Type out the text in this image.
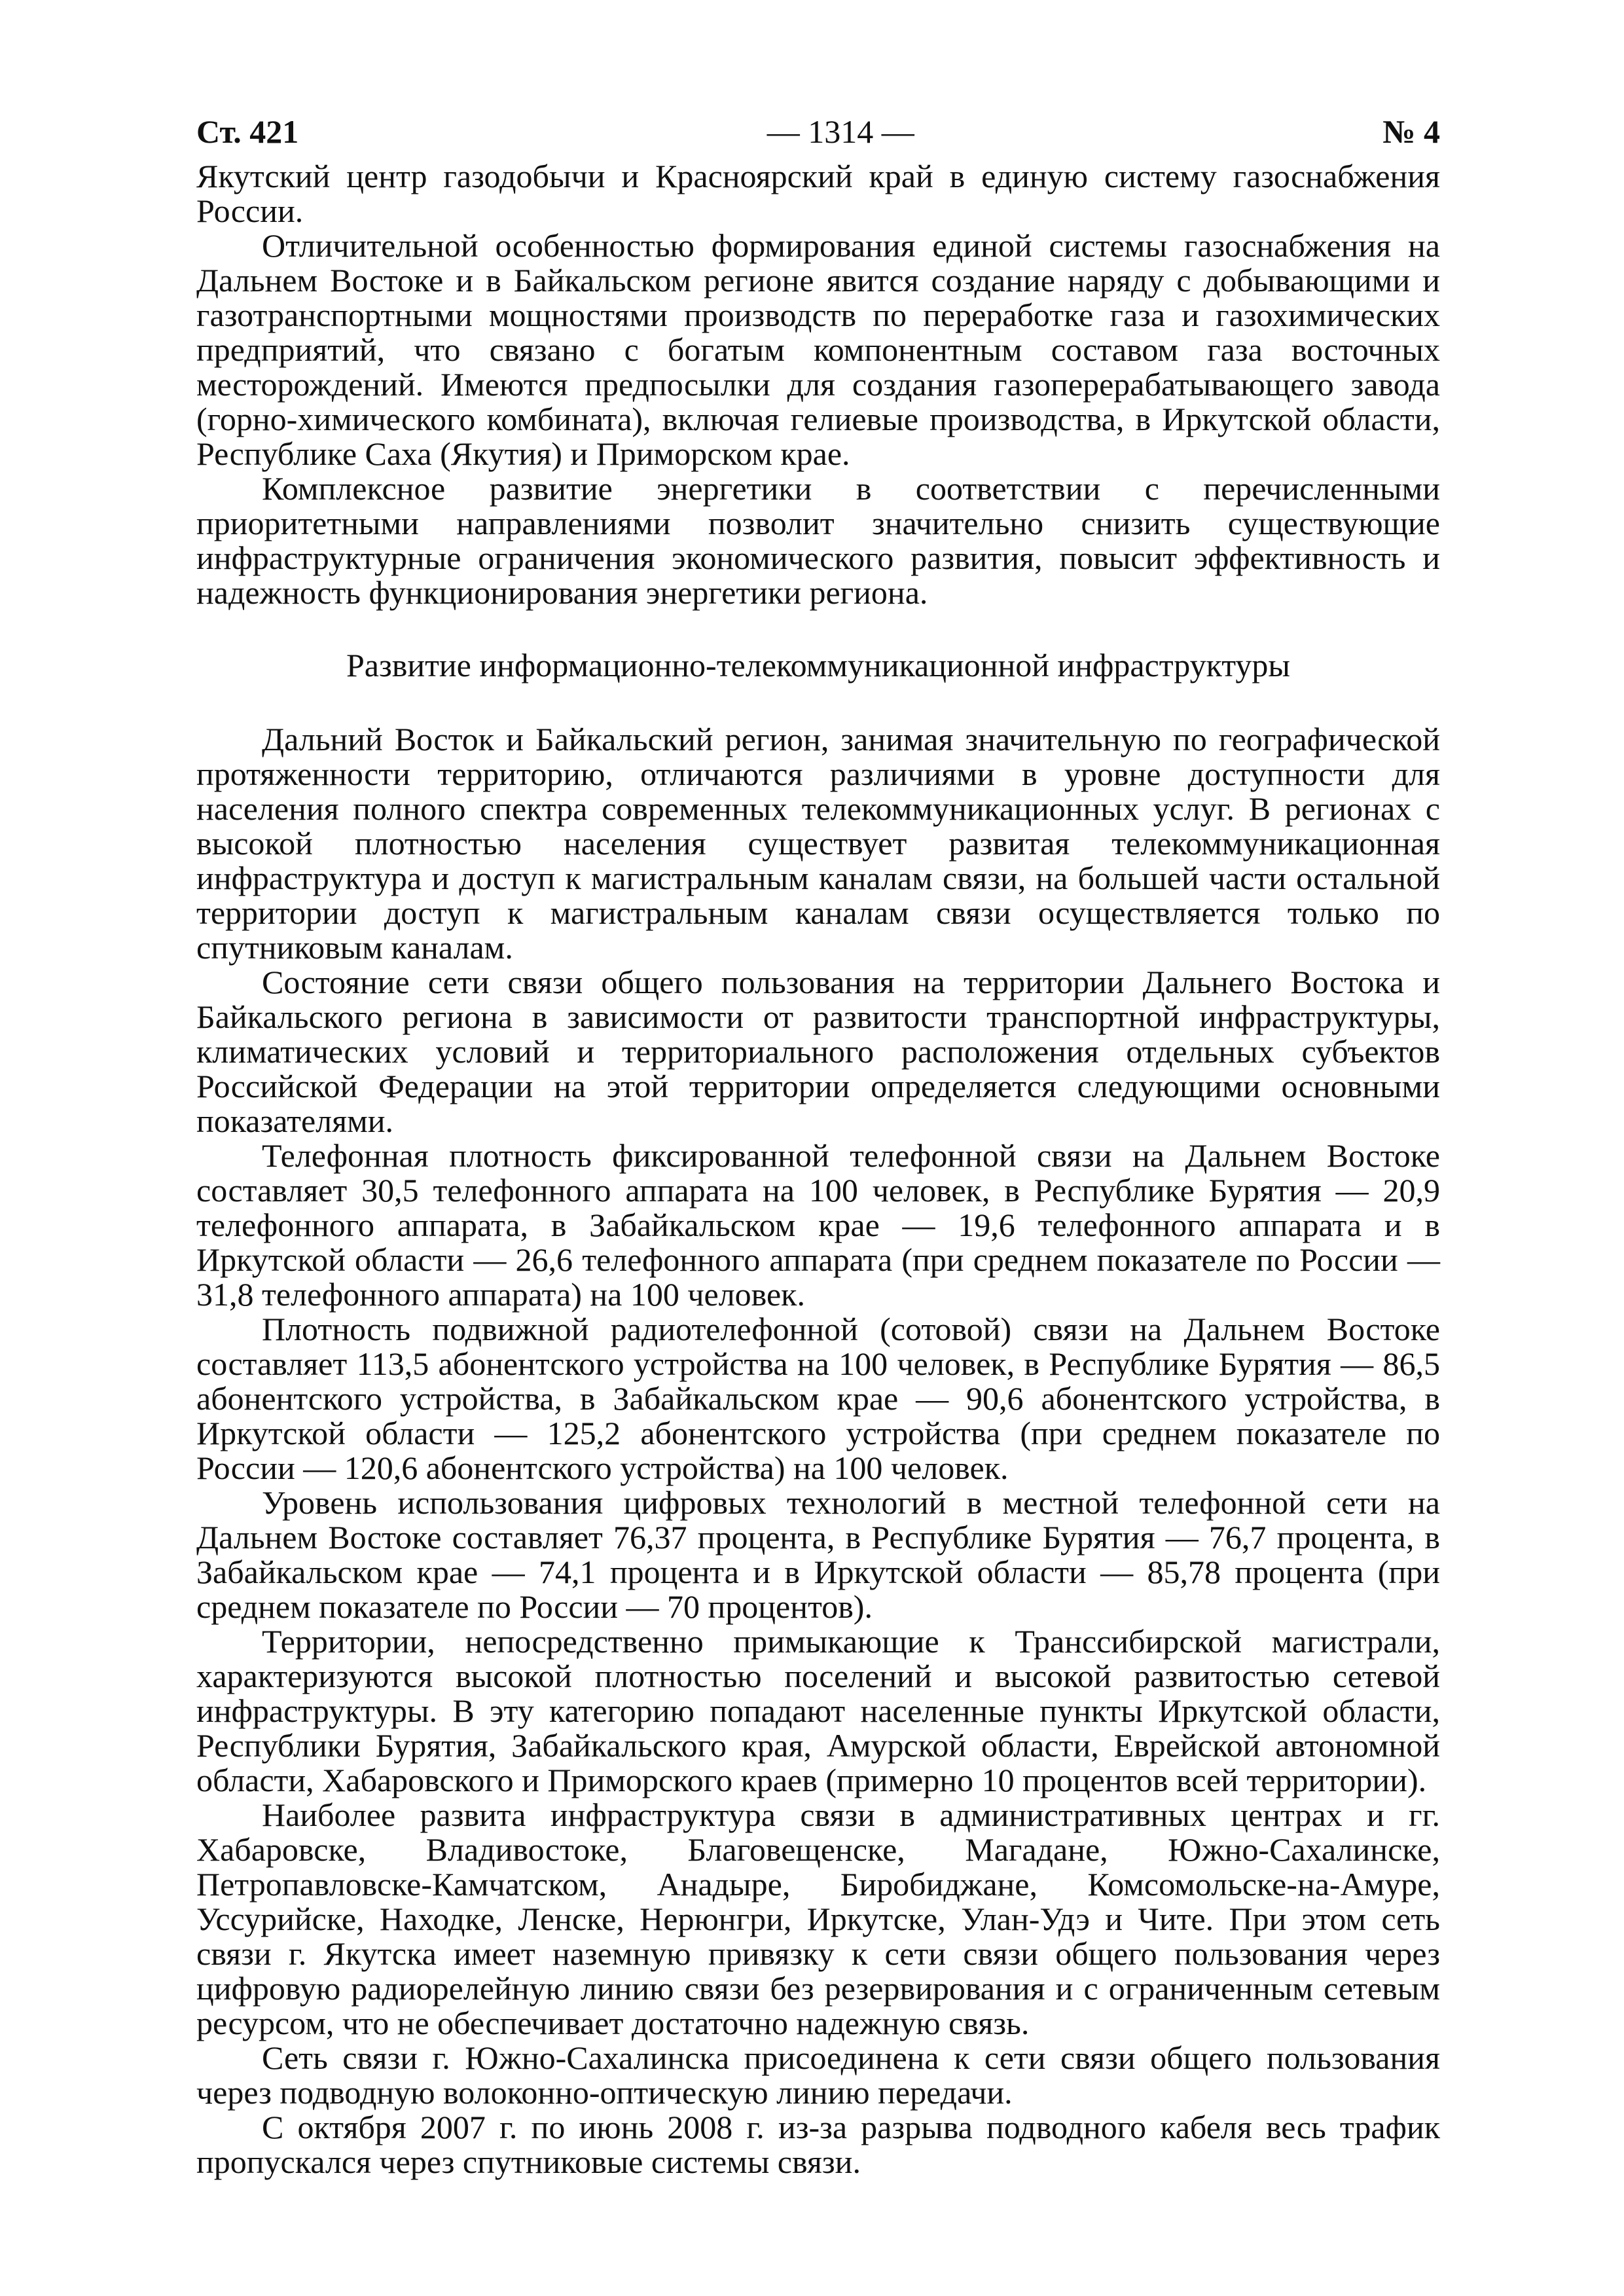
Ст. 421	— 1314 —	№ 4

Якутский центр газодобычи и Красноярский край в единую систему газоснабжения России.

Отличительной особенностью формирования единой системы газоснабжения на Дальнем Востоке и в Байкальском регионе явится создание наряду с добывающими и газотранспортными мощностями производств по переработке газа и газохимических предприятий, что связано с богатым компонентным составом газа восточных месторождений. Имеются предпосылки для создания газоперерабатывающего завода (горно-химического комбината), включая гелиевые производства, в Иркутской области, Республике Саха (Якутия) и Приморском крае.

Комплексное развитие энергетики в соответствии с перечисленными приоритетными направлениями позволит значительно снизить существующие инфраструктурные ограничения экономического развития, повысит эффективность и надежность функционирования энергетики региона.

Развитие информационно-телекоммуникационной инфраструктуры

Дальний Восток и Байкальский регион, занимая значительную по географической протяженности территорию, отличаются различиями в уровне доступности для населения полного спектра современных телекоммуникационных услуг. В регионах с высокой плотностью населения существует развитая телекоммуникационная инфраструктура и доступ к магистральным каналам связи, на большей части остальной территории доступ к магистральным каналам связи осуществляется только по спутниковым каналам.

Состояние сети связи общего пользования на территории Дальнего Востока и Байкальского региона в зависимости от развитости транспортной инфраструктуры, климатических условий и территориального расположения отдельных субъектов Российской Федерации на этой территории определяется следующими основными показателями.

Телефонная плотность фиксированной телефонной связи на Дальнем Востоке составляет 30,5 телефонного аппарата на 100 человек, в Республике Бурятия — 20,9 телефонного аппарата, в Забайкальском крае — 19,6 телефонного аппарата и в Иркутской области — 26,6 телефонного аппарата (при среднем показателе по России — 31,8 телефонного аппарата) на 100 человек.

Плотность подвижной радиотелефонной (сотовой) связи на Дальнем Востоке составляет 113,5 абонентского устройства на 100 человек, в Республике Бурятия — 86,5 абонентского устройства, в Забайкальском крае — 90,6 абонентского устройства, в Иркутской области — 125,2 абонентского устройства (при среднем показателе по России — 120,6 абонентского устройства) на 100 человек.

Уровень использования цифровых технологий в местной телефонной сети на Дальнем Востоке составляет 76,37 процента, в Республике Бурятия — 76,7 процента, в Забайкальском крае — 74,1 процента и в Иркутской области — 85,78 процента (при среднем показателе по России — 70 процентов).

Территории, непосредственно примыкающие к Транссибирской магистрали, характеризуются высокой плотностью поселений и высокой развитостью сетевой инфраструктуры. В эту категорию попадают населенные пункты Иркутской области, Республики Бурятия, Забайкальского края, Амурской области, Еврейской автономной области, Хабаровского и Приморского краев (примерно 10 процентов всей территории).

Наиболее развита инфраструктура связи в административных центрах и гг. Хабаровске, Владивостоке, Благовещенске, Магадане, Южно-Сахалинске, Петропавловске-Камчатском, Анадыре, Биробиджане, Комсомольске-на-Амуре, Уссурийске, Находке, Ленске, Нерюнгри, Иркутске, Улан-Удэ и Чите. При этом сеть связи г. Якутска имеет наземную привязку к сети связи общего пользования через цифровую радиорелейную линию связи без резервирования и с ограниченным сетевым ресурсом, что не обеспечивает достаточно надежную связь.

Сеть связи г. Южно-Сахалинска присоединена к сети связи общего пользования через подводную волоконно-оптическую линию передачи.

С октября 2007 г. по июнь 2008 г. из-за разрыва подводного кабеля весь трафик пропускался через спутниковые системы связи.
